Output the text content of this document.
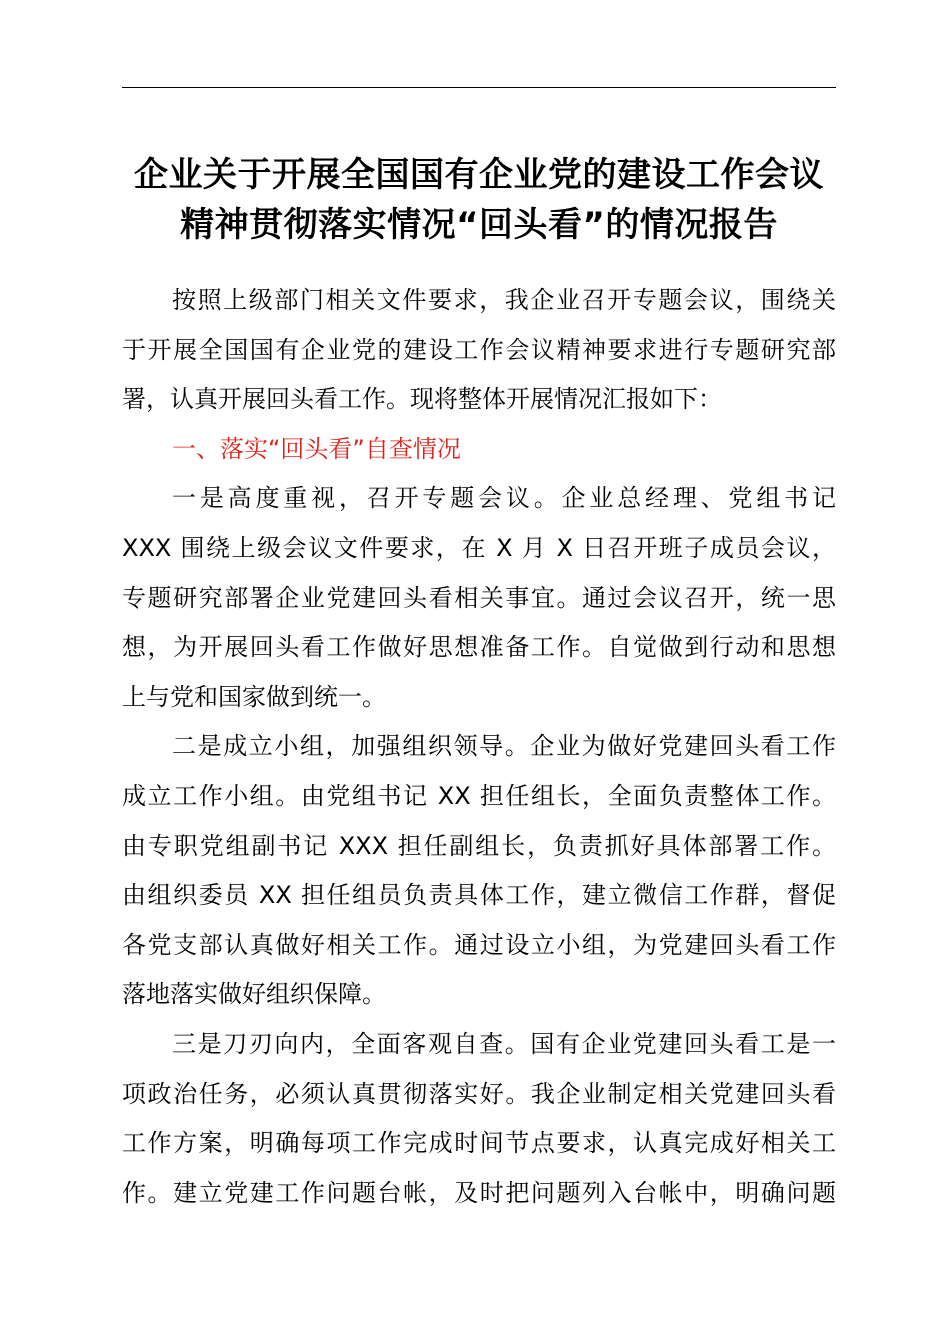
企业关于开展全国国有企业党的建设工作会议
精神贯彻落实情况“回头看”的情况报告
按照上级部门相关文件要求，我企业召开专题会议，围绕关
于开展全国国有企业党的建设工作会议精神要求进行专题研究部
署，认真开展回头看工作。现将整体开展情况汇报如下：
一、落实“回头看”自查情况
一是高度重视，召开专题会议。企业总经理、党组书记
XXX 围绕上级会议文件要求，在 X 月 X 日召开班子成员会议，
专题研究部署企业党建回头看相关事宜。通过会议召开，统一思
想，为开展回头看工作做好思想准备工作。自觉做到行动和思想
上与党和国家做到统一。
二是成立小组，加强组织领导。企业为做好党建回头看工作
成立工作小组。由党组书记 XX 担任组长，全面负责整体工作。
由专职党组副书记 XXX 担任副组长，负责抓好具体部署工作。
由组织委员 XX 担任组员负责具体工作，建立微信工作群，督促
各党支部认真做好相关工作。通过设立小组，为党建回头看工作
落地落实做好组织保障。
三是刀刃向内，全面客观自查。国有企业党建回头看工是一
项政治任务，必须认真贯彻落实好。我企业制定相关党建回头看
工作方案，明确每项工作完成时间节点要求，认真完成好相关工
作。建立党建工作问题台帐，及时把问题列入台帐中，明确问题
